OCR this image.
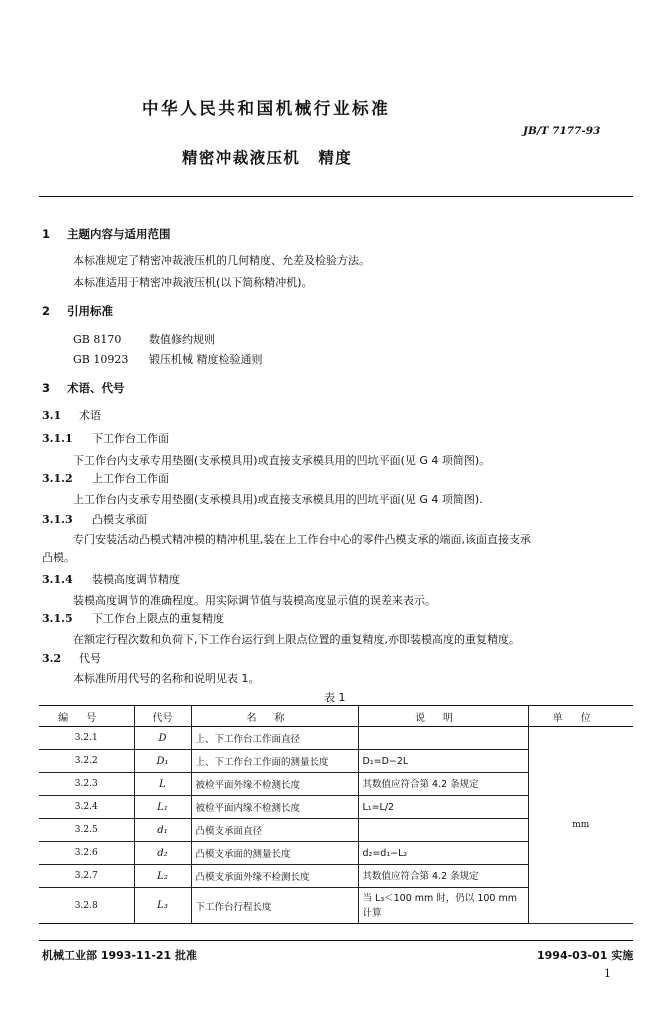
中华人民共和国机械行业标准
JB/T 7177-93
精密冲裁液压机 精度
1 主题内容与适用范围
本标准规定了精密冲裁液压机的几何精度、允差及检验方法。
本标准适用于精密冲裁液压机(以下简称精冲机)。
2 引用标准
GB 8170	数值修约规则
GB 10923 锻压机械 精度检验通则
3 术语、代号
3.1 术语
3.1.1 下工作台工作面
下工作台内支承专用垫圈(支承模具用)或直接支承模具用的凹坑平面(见 G 4 项简图)。
3.1.2 上工作台工作面
上工作台内支承专用垫圈(支承模具用)或直接支承模具用的凹坑平面(见 G 4 项简图).
3.1.3 凸模支承面
专门安装活动凸模式精冲模的精冲机里,装在上工作台中心的零件凸模支承的端面,该面直接支承
凸模。
3.1.4 装模高度调节精度
装模高度调节的准确程度。用实际调节值与装模高度显示值的误差来表示。
3.1.5 下工作台上限点的重复精度
在额定行程次数和负荷下,下工作台运行到上限点位置的重复精度,亦即装模高度的重复精度。
3.2 代号
本标准所用代号的名称和说明见表 1。
表 1
编号	代号	名称	说明	单位
3.2.1	D	上、下工作台工作面直径		mm
3.2.2	D₁	上、下工作台工作面的测量长度	D₁=D−2L	
3.2.3	L	被检平面外缘不检测长度	其数值应符合第 4.2 条规定	
3.2.4	L₁	被检平面内缘不检测长度	L₁=L/2	
3.2.5	d₁	凸模支承面直径		
3.2.6	d₂	凸模支承面的测量长度	d₂=d₁−L₂	
3.2.7	L₂	凸模支承面外缘不检测长度	其数值应符合第 4.2 条规定	
3.2.8	L₃	下工作台行程长度	当 L₃＜100 mm 时，仍以 100 mm 计算	
机械工业部 1993-11-21 批准	1994-03-01 实施
1
